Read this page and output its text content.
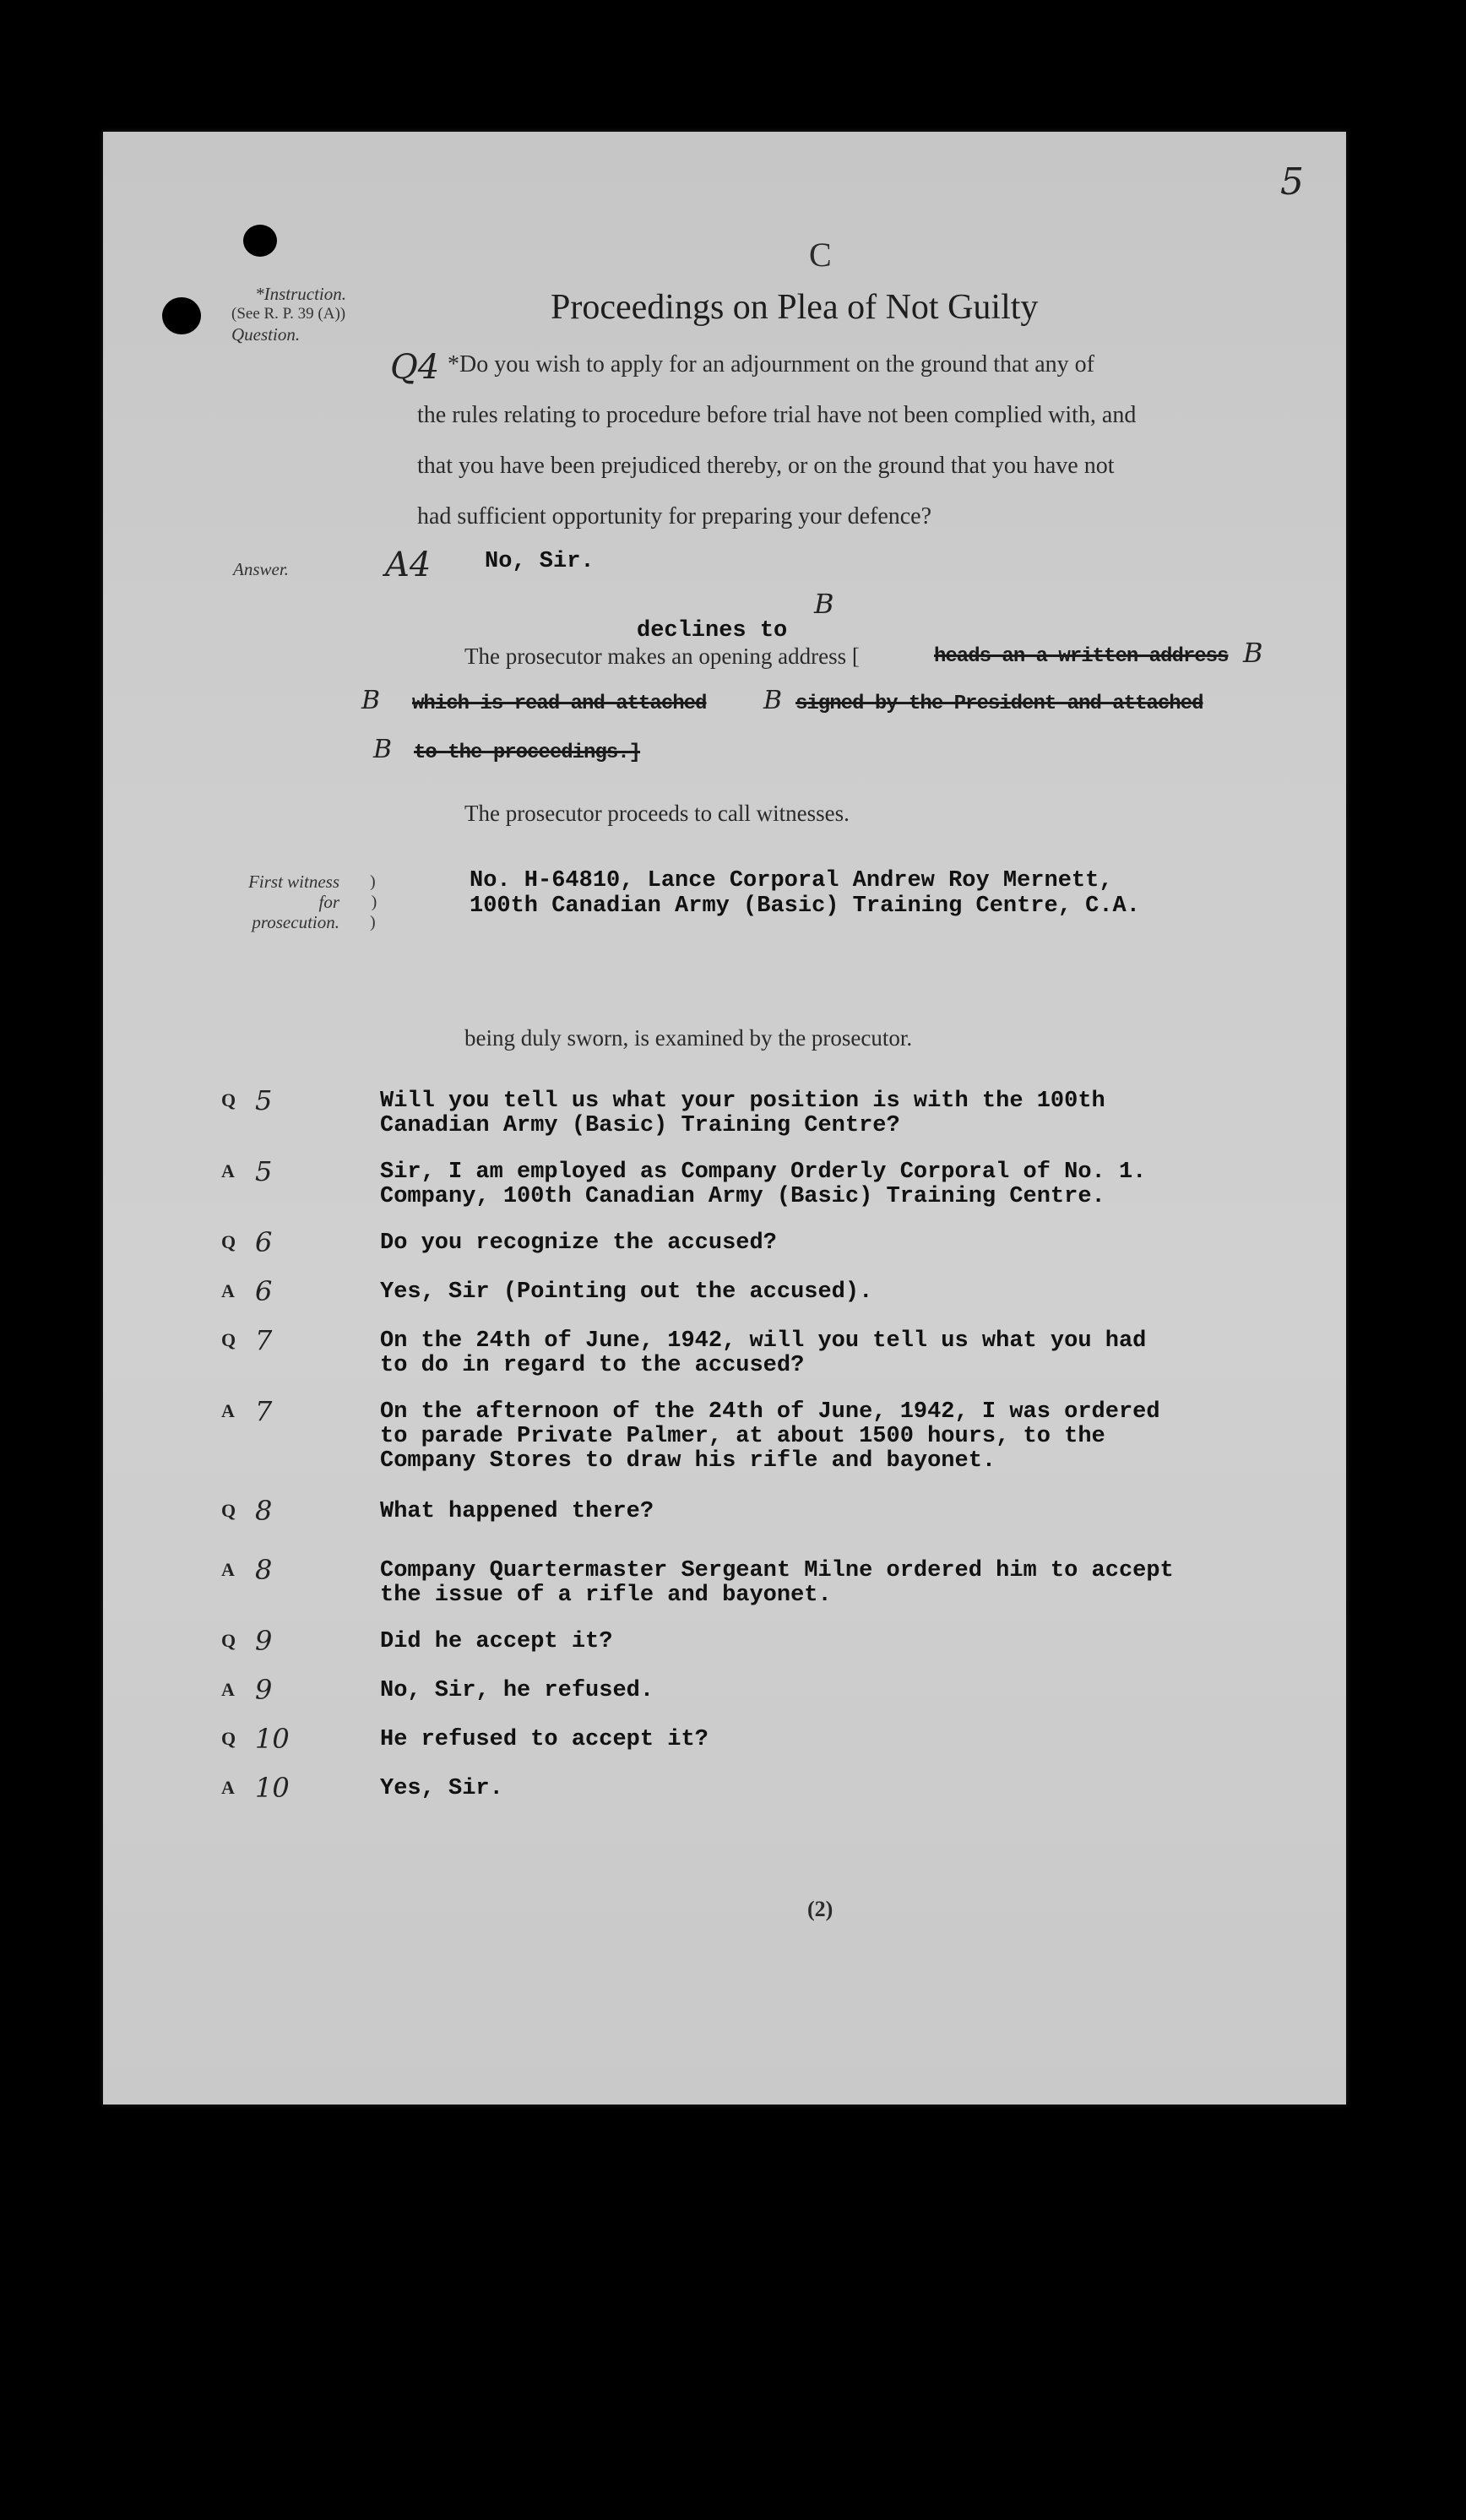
5
C
Proceedings on Plea of Not Guilty
*Instruction.
(See R. P. 39 (A))
Question.
Q4 *Do you wish to apply for an adjournment on the ground that any of
the rules relating to procedure before trial have not been complied with, and
that you have been prejudiced thereby, or on the ground that you have not
had sufficient opportunity for preparing your defence?
Answer.	A4 No, Sir.
declines to
B
The prosecutor makes an opening address [	heads an a written address B
B which is read and attached B signed by the President and attached
B to the proceedings.]
The prosecutor proceeds to call witnesses.
First witness
for
prosecution.
)
 )
)
No. H-64810, Lance Corporal Andrew Roy Mernett,
100th Canadian Army (Basic) Training Centre, C.A.
being duly sworn, is examined by the prosecutor.
Q 5	Will you tell us what your position is with the 100th
Canadian Army (Basic) Training Centre?
A 5	Sir, I am employed as Company Orderly Corporal of No. 1.
Company, 100th Canadian Army (Basic) Training Centre.
Q 6	Do you recognize the accused?
A 6	Yes, Sir (Pointing out the accused).
Q 7	On the 24th of June, 1942, will you tell us what you had
to do in regard to the accused?
A 7	On the afternoon of the 24th of June, 1942, I was ordered
to parade Private Palmer, at about 1500 hours, to the
Company Stores to draw his rifle and bayonet.
Q 8	What happened there?
A 8	Company Quartermaster Sergeant Milne ordered him to accept
the issue of a rifle and bayonet.
Q 9	Did he accept it?
A 9	No, Sir, he refused.
Q 10	He refused to accept it?
A 10	Yes, Sir.
(2)
